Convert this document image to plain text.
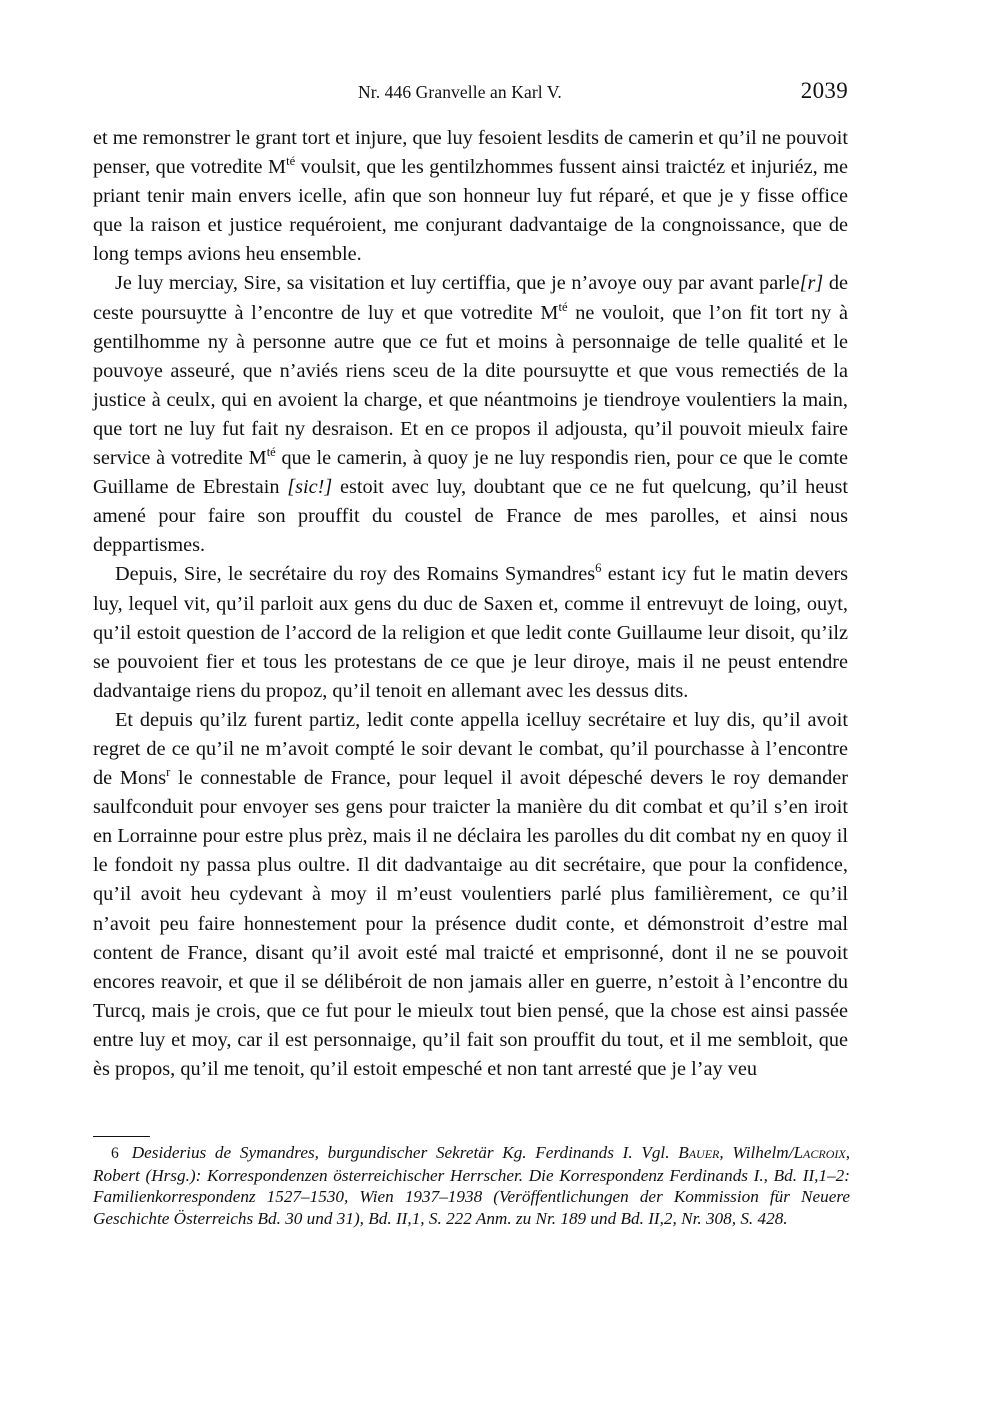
Nr. 446 Granvelle an Karl V.	2039

et me remonstrer le grant tort et injure, que luy fesoient lesdits de camerin et qu’il ne pouvoit penser, que votredite $M^{té}$ voulsit, que les gentilzhommes fussent ainsi traictéz et injuriéz, me priant tenir main envers icelle, afin que son honneur luy fut réparé, et que je y fisse office que la raison et justice requéroient, me conjurant dadvantaige de la congnoissance, que de long temps avions heu ensemble.

Je luy merciay, Sire, sa visitation et luy certiffia, que je n’avoye ouy par avant parle[r] de ceste poursuytte à l’encontre de luy et que votredite $M^{té}$ ne vouloit, que l’on fit tort ny à gentilhomme ny à personne autre que ce fut et moins à personnaige de telle qualité et le pouvoye asseuré, que n’aviés riens sceu de la dite poursuytte et que vous remectiés de la justice à ceulx, qui en avoient la charge, et que néantmoins je tiendroye voulentiers la main, que tort ne luy fut fait ny desraison. Et en ce propos il adjousta, qu’il pouvoit mieulx faire service à votredite $M^{té}$ que le camerin, à quoy je ne luy respondis rien, pour ce que le comte Guillame de Ebrestain [sic!] estoit avec luy, doubtant que ce ne fut quelcung, qu’il heust amené pour faire son prouffit du coustel de France de mes parolles, et ainsi nous deppartismes.

Depuis, Sire, le secrétaire du roy des Romains Symandres$^6$ estant icy fut le matin devers luy, lequel vit, qu’il parloit aux gens du duc de Saxen et, comme il entrevuyt de loing, ouyt, qu’il estoit question de l’accord de la religion et que ledit conte Guillaume leur disoit, qu’ilz se pouvoient fier et tous les protestans de ce que je leur diroye, mais il ne peust entendre dadvantaige riens du propoz, qu’il tenoit en allemant avec les dessus dits.

Et depuis qu’ilz furent partiz, ledit conte appella icelluy secrétaire et luy dis, qu’il avoit regret de ce qu’il ne m’avoit compté le soir devant le combat, qu’il pourchasse à l’encontre de Mons$^r$ le connestable de France, pour lequel il avoit dépesché devers le roy demander saulfconduit pour envoyer ses gens pour traicter la manière du dit combat et qu’il s’en iroit en Lorrainne pour estre plus prèz, mais il ne déclaira les parolles du dit combat ny en quoy il le fondoit ny passa plus oultre. Il dit dadvantaige au dit secrétaire, que pour la confidence, qu’il avoit heu cydevant à moy il m’eust voulentiers parlé plus familièrement, ce qu’il n’avoit peu faire honnestement pour la présence dudit conte, et démonstroit d’estre mal content de France, disant qu’il avoit esté mal traicté et emprisonné, dont il ne se pouvoit encores reavoir, et que il se délibéroit de non jamais aller en guerre, n’estoit à l’encontre du Turcq, mais je crois, que ce fut pour le mieulx tout bien pensé, que la chose est ainsi passée entre luy et moy, car il est personnaige, qu’il fait son prouffit du tout, et il me sembloit, que ès propos, qu’il me tenoit, qu’il estoit empesché et non tant arresté que je l’ay veu

6 Desiderius de Symandres, burgundischer Sekretär Kg. Ferdinands I. Vgl. Bauer, Wilhelm/Lacroix, Robert (Hrsg.): Korrespondenzen österreichischer Herrscher. Die Korrespondenz Ferdinands I., Bd. II,1–2: Familienkorrespondenz 1527–1530, Wien 1937–1938 (Veröffentlichungen der Kommission für Neuere Geschichte Österreichs Bd. 30 und 31), Bd. II,1, S. 222 Anm. zu Nr. 189 und Bd. II,2, Nr. 308, S. 428.
